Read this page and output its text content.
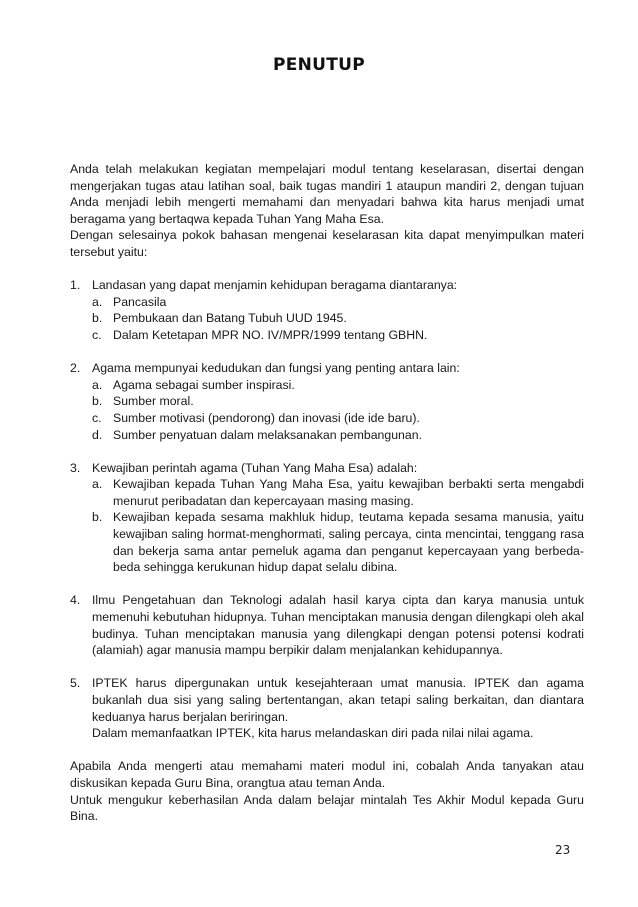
PENUTUP

Anda telah melakukan kegiatan mempelajari modul tentang keselarasan, disertai dengan mengerjakan tugas atau latihan soal, baik tugas mandiri 1 ataupun mandiri 2, dengan tujuan Anda menjadi lebih mengerti memahami dan menyadari bahwa kita harus menjadi umat beragama yang bertaqwa kepada Tuhan Yang Maha Esa.

Dengan selesainya pokok bahasan mengenai keselarasan kita dapat menyimpulkan materi tersebut yaitu:

1. Landasan yang dapat menjamin kehidupan beragama diantaranya:
a. Pancasila
b. Pembukaan dan Batang Tubuh UUD 1945.
c. Dalam Ketetapan MPR NO. IV/MPR/1999 tentang GBHN.
2. Agama mempunyai kedudukan dan fungsi yang penting antara lain:
a. Agama sebagai sumber inspirasi.
b. Sumber moral.
c. Sumber motivasi (pendorong) dan inovasi (ide ide baru).
d. Sumber penyatuan dalam melaksanakan pembangunan.
3. Kewajiban perintah agama (Tuhan Yang Maha Esa) adalah:
a. Kewajiban kepada Tuhan Yang Maha Esa, yaitu kewajiban berbakti serta mengabdi menurut peribadatan dan kepercayaan masing masing.
b. Kewajiban kepada sesama makhluk hidup, teutama kepada sesama manusia, yaitu kewajiban saling hormat-menghormati, saling percaya, cinta mencintai, tenggang rasa dan bekerja sama antar pemeluk agama dan penganut kepercayaan yang berbeda-beda sehingga kerukunan hidup dapat selalu dibina.
4. Ilmu Pengetahuan dan Teknologi adalah hasil karya cipta dan karya manusia untuk memenuhi kebutuhan hidupnya. Tuhan menciptakan manusia dengan dilengkapi oleh akal budinya. Tuhan menciptakan manusia yang dilengkapi dengan potensi potensi kodrati (alamiah) agar manusia mampu berpikir dalam menjalankan kehidupannya.
5. IPTEK harus dipergunakan untuk kesejahteraan umat manusia. IPTEK dan agama bukanlah dua sisi yang saling bertentangan, akan tetapi saling berkaitan, dan diantara keduanya harus berjalan beriringan.
Dalam memanfaatkan IPTEK, kita harus melandaskan diri pada nilai nilai agama.

Apabila Anda mengerti atau memahami materi modul ini, cobalah Anda tanyakan atau diskusikan kepada Guru Bina, orangtua atau teman Anda.

Untuk mengukur keberhasilan Anda dalam belajar mintalah Tes Akhir Modul kepada Guru Bina.

23
